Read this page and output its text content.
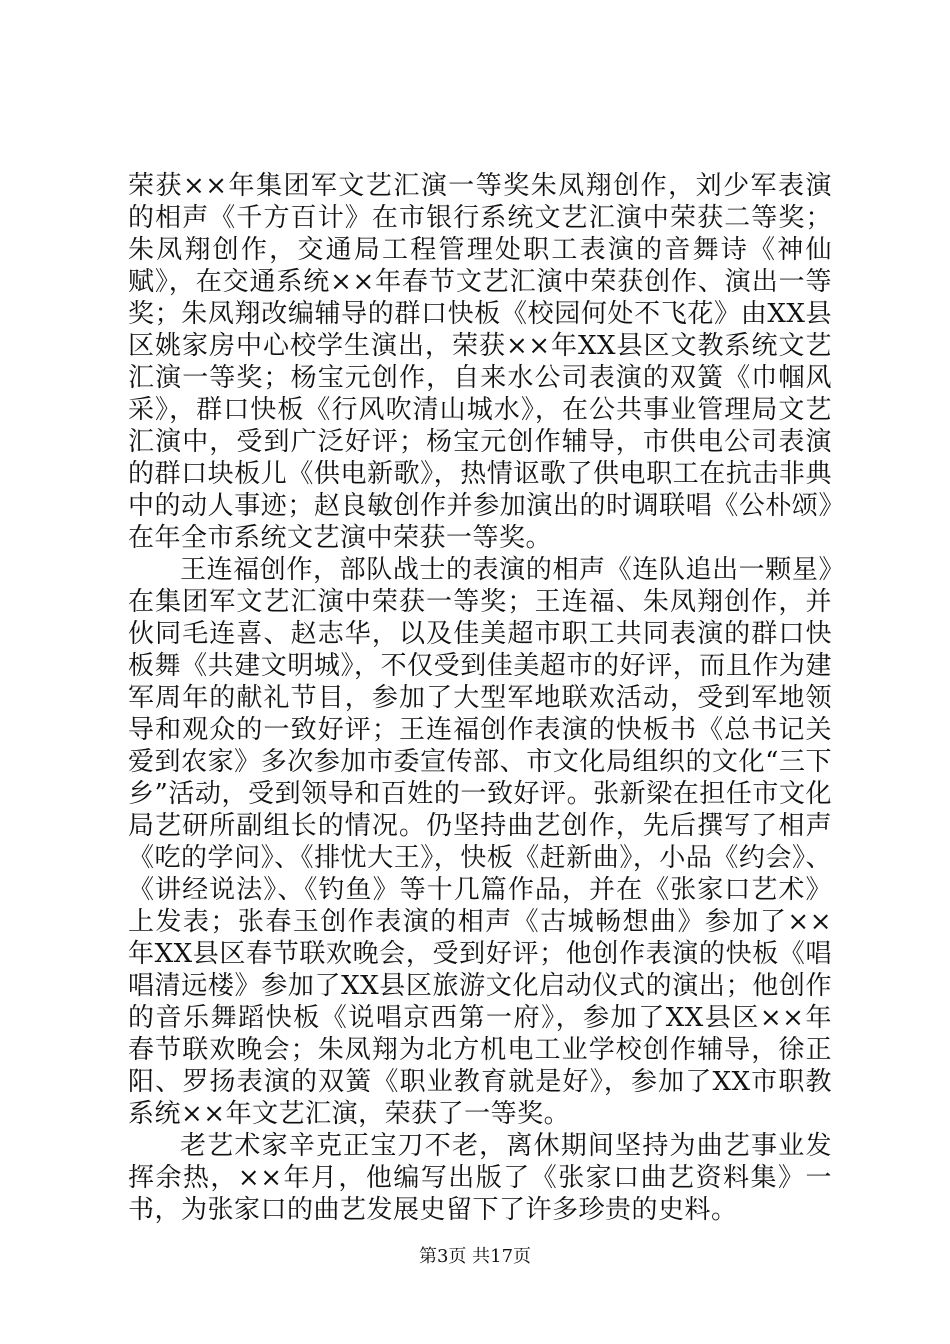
荣获××年集团军文艺汇演一等奖朱凤翔创作，刘少军表演的相声《千方百计》在市银行系统文艺汇演中荣获二等奖；朱凤翔创作，交通局工程管理处职工表演的音舞诗《神仙赋》，在交通系统××年春节文艺汇演中荣获创作、演出一等奖；朱凤翔改编辅导的群口快板《校园何处不飞花》由XX县区姚家房中心校学生演出，荣获××年XX县区文教系统文艺汇演一等奖；杨宝元创作，自来水公司表演的双簧《巾帼风采》，群口快板《行风吹清山城水》，在公共事业管理局文艺汇演中，受到广泛好评；杨宝元创作辅导，市供电公司表演的群口块板儿《供电新歌》，热情讴歌了供电职工在抗击非典中的动人事迹；赵良敏创作并参加演出的时调联唱《公朴颂》在年全市系统文艺演中荣获一等奖。

王连福创作，部队战士的表演的相声《连队追出一颗星》在集团军文艺汇演中荣获一等奖；王连福、朱凤翔创作，并伙同毛连喜、赵志华，以及佳美超市职工共同表演的群口快板舞《共建文明城》，不仅受到佳美超市的好评，而且作为建军周年的献礼节目，参加了大型军地联欢活动，受到军地领导和观众的一致好评；王连福创作表演的快板书《总书记关爱到农家》多次参加市委宣传部、市文化局组织的文化“三下乡”活动，受到领导和百姓的一致好评。张新梁在担任市文化局艺研所副组长的情况。仍坚持曲艺创作，先后撰写了相声《吃的学问》、《排忧大王》，快板《赶新曲》，小品《约会》、《讲经说法》、《钓鱼》等十几篇作品，并在《张家口艺术》上发表；张春玉创作表演的相声《古城畅想曲》参加了××年XX县区春节联欢晚会，受到好评；他创作表演的快板《唱唱清远楼》参加了XX县区旅游文化启动仪式的演出；他创作的音乐舞蹈快板《说唱京西第一府》，参加了XX县区××年春节联欢晚会；朱凤翔为北方机电工业学校创作辅导，徐正阳、罗扬表演的双簧《职业教育就是好》，参加了XX市职教系统××年文艺汇演，荣获了一等奖。

老艺术家辛克正宝刀不老，离休期间坚持为曲艺事业发挥余热，××年月，他编写出版了《张家口曲艺资料集》一书，为张家口的曲艺发展史留下了许多珍贵的史料。

第3页 共17页
